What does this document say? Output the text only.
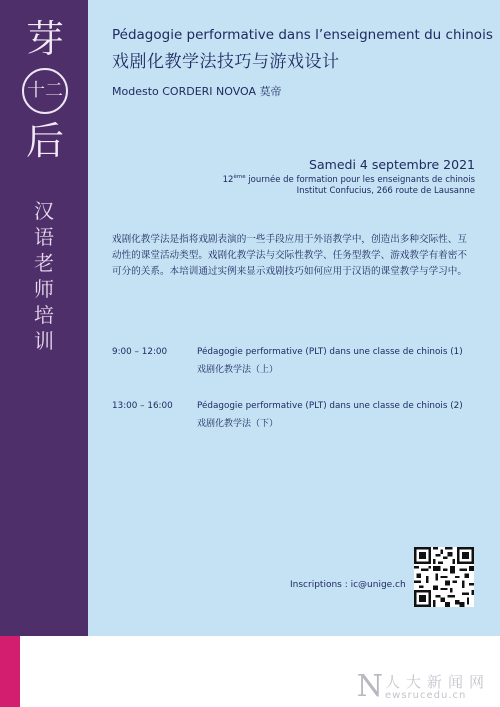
芽
十二
后
汉
语
老
师
培
训
Pédagogie performative dans l’enseignement du chinois
戏剧化教学法技巧与游戏设计
Modesto CORDERI NOVOA 莫帝
Samedi 4 septembre 2021
12ème journée de formation pour les enseignants de chinois
Institut Confucius, 266 route de Lausanne
戏剧化教学法是指将戏剧表演的一些手段应用于外语教学中，创造出多种交际性、互动性的课堂活动类型。戏剧化教学法与交际性教学、任务型教学、游戏教学有着密不可分的关系。本培训通过实例来显示戏剧技巧如何应用于汉语的课堂教学与学习中。
9:00 – 12:00	Pédagogie performative (PLT) dans une classe de chinois (1)
戏剧化教学法（上）
13:00 – 16:00	Pédagogie performative (PLT) dans une classe de chinois (2)
戏剧化教学法（下）
Inscriptions : ic@unige.ch
N 人大新闻网
ewsrucedu.cn
